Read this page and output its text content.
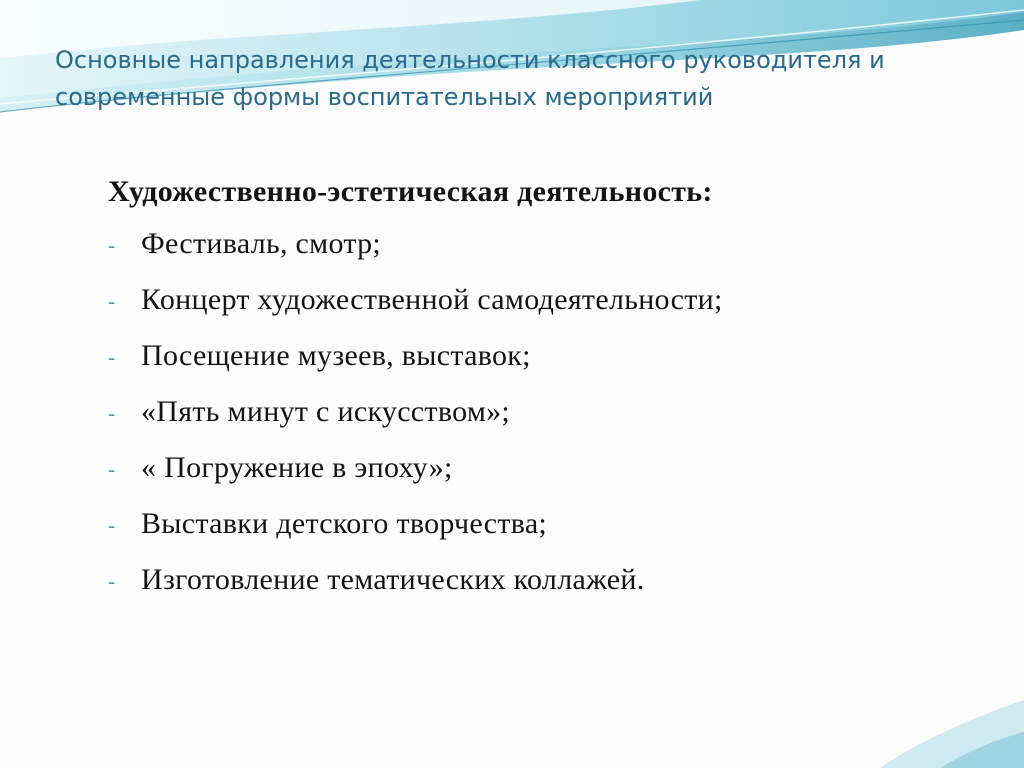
Основные направления деятельности классного руководителя и современные формы воспитательных мероприятий

Художественно-эстетическая деятельность:

- Фестиваль, смотр;
- Концерт художественной самодеятельности;
- Посещение музеев, выставок;
- «Пять минут с искусством»;
- « Погружение в эпоху»;
- Выставки детского творчества;
- Изготовление тематических коллажей.
